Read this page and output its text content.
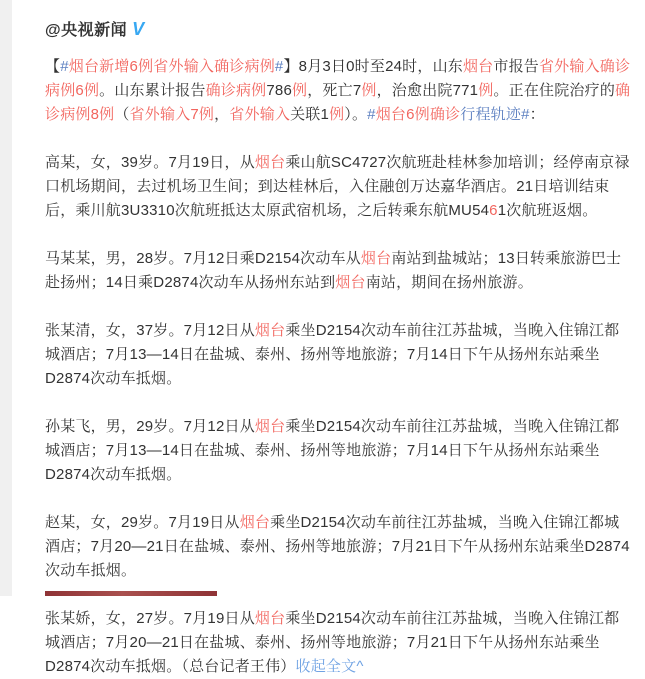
@央视新闻 V

【#烟台新增6例省外输入确诊病例#】8月3日0时至24时，山东烟台市报告省外输入确诊病例6例。山东累计报告确诊病例786例，死亡7例，治愈出院771例。正在住院治疗的确诊病例8例（省外输入7例，省外输入关联1例）。#烟台6例确诊行程轨迹#：

高某，女，39岁。7月19日，从烟台乘山航SC4727次航班赴桂林参加培训；经停南京禄口机场期间，去过机场卫生间；到达桂林后，入住融创万达嘉华酒店。21日培训结束后，乘川航3U3310次航班抵达太原武宿机场，之后转乘东航MU5461次航班返烟。

马某某，男，28岁。7月12日乘D2154次动车从烟台南站到盐城站；13日转乘旅游巴士赴扬州；14日乘D2874次动车从扬州东站到烟台南站，期间在扬州旅游。

张某清，女，37岁。7月12日从烟台乘坐D2154次动车前往江苏盐城，当晚入住锦江都城酒店；7月13—14日在盐城、泰州、扬州等地旅游；7月14日下午从扬州东站乘坐D2874次动车抵烟。

孙某飞，男，29岁。7月12日从烟台乘坐D2154次动车前往江苏盐城，当晚入住锦江都城酒店；7月13—14日在盐城、泰州、扬州等地旅游；7月14日下午从扬州东站乘坐D2874次动车抵烟。

赵某，女，29岁。7月19日从烟台乘坐D2154次动车前往江苏盐城，当晚入住锦江都城酒店；7月20—21日在盐城、泰州、扬州等地旅游；7月21日下午从扬州东站乘坐D2874次动车抵烟。

张某娇，女，27岁。7月19日从烟台乘坐D2154次动车前往江苏盐城，当晚入住锦江都城酒店；7月20—21日在盐城、泰州、扬州等地旅游；7月21日下午从扬州东站乘坐D2874次动车抵烟。（总台记者王伟）收起全文^
